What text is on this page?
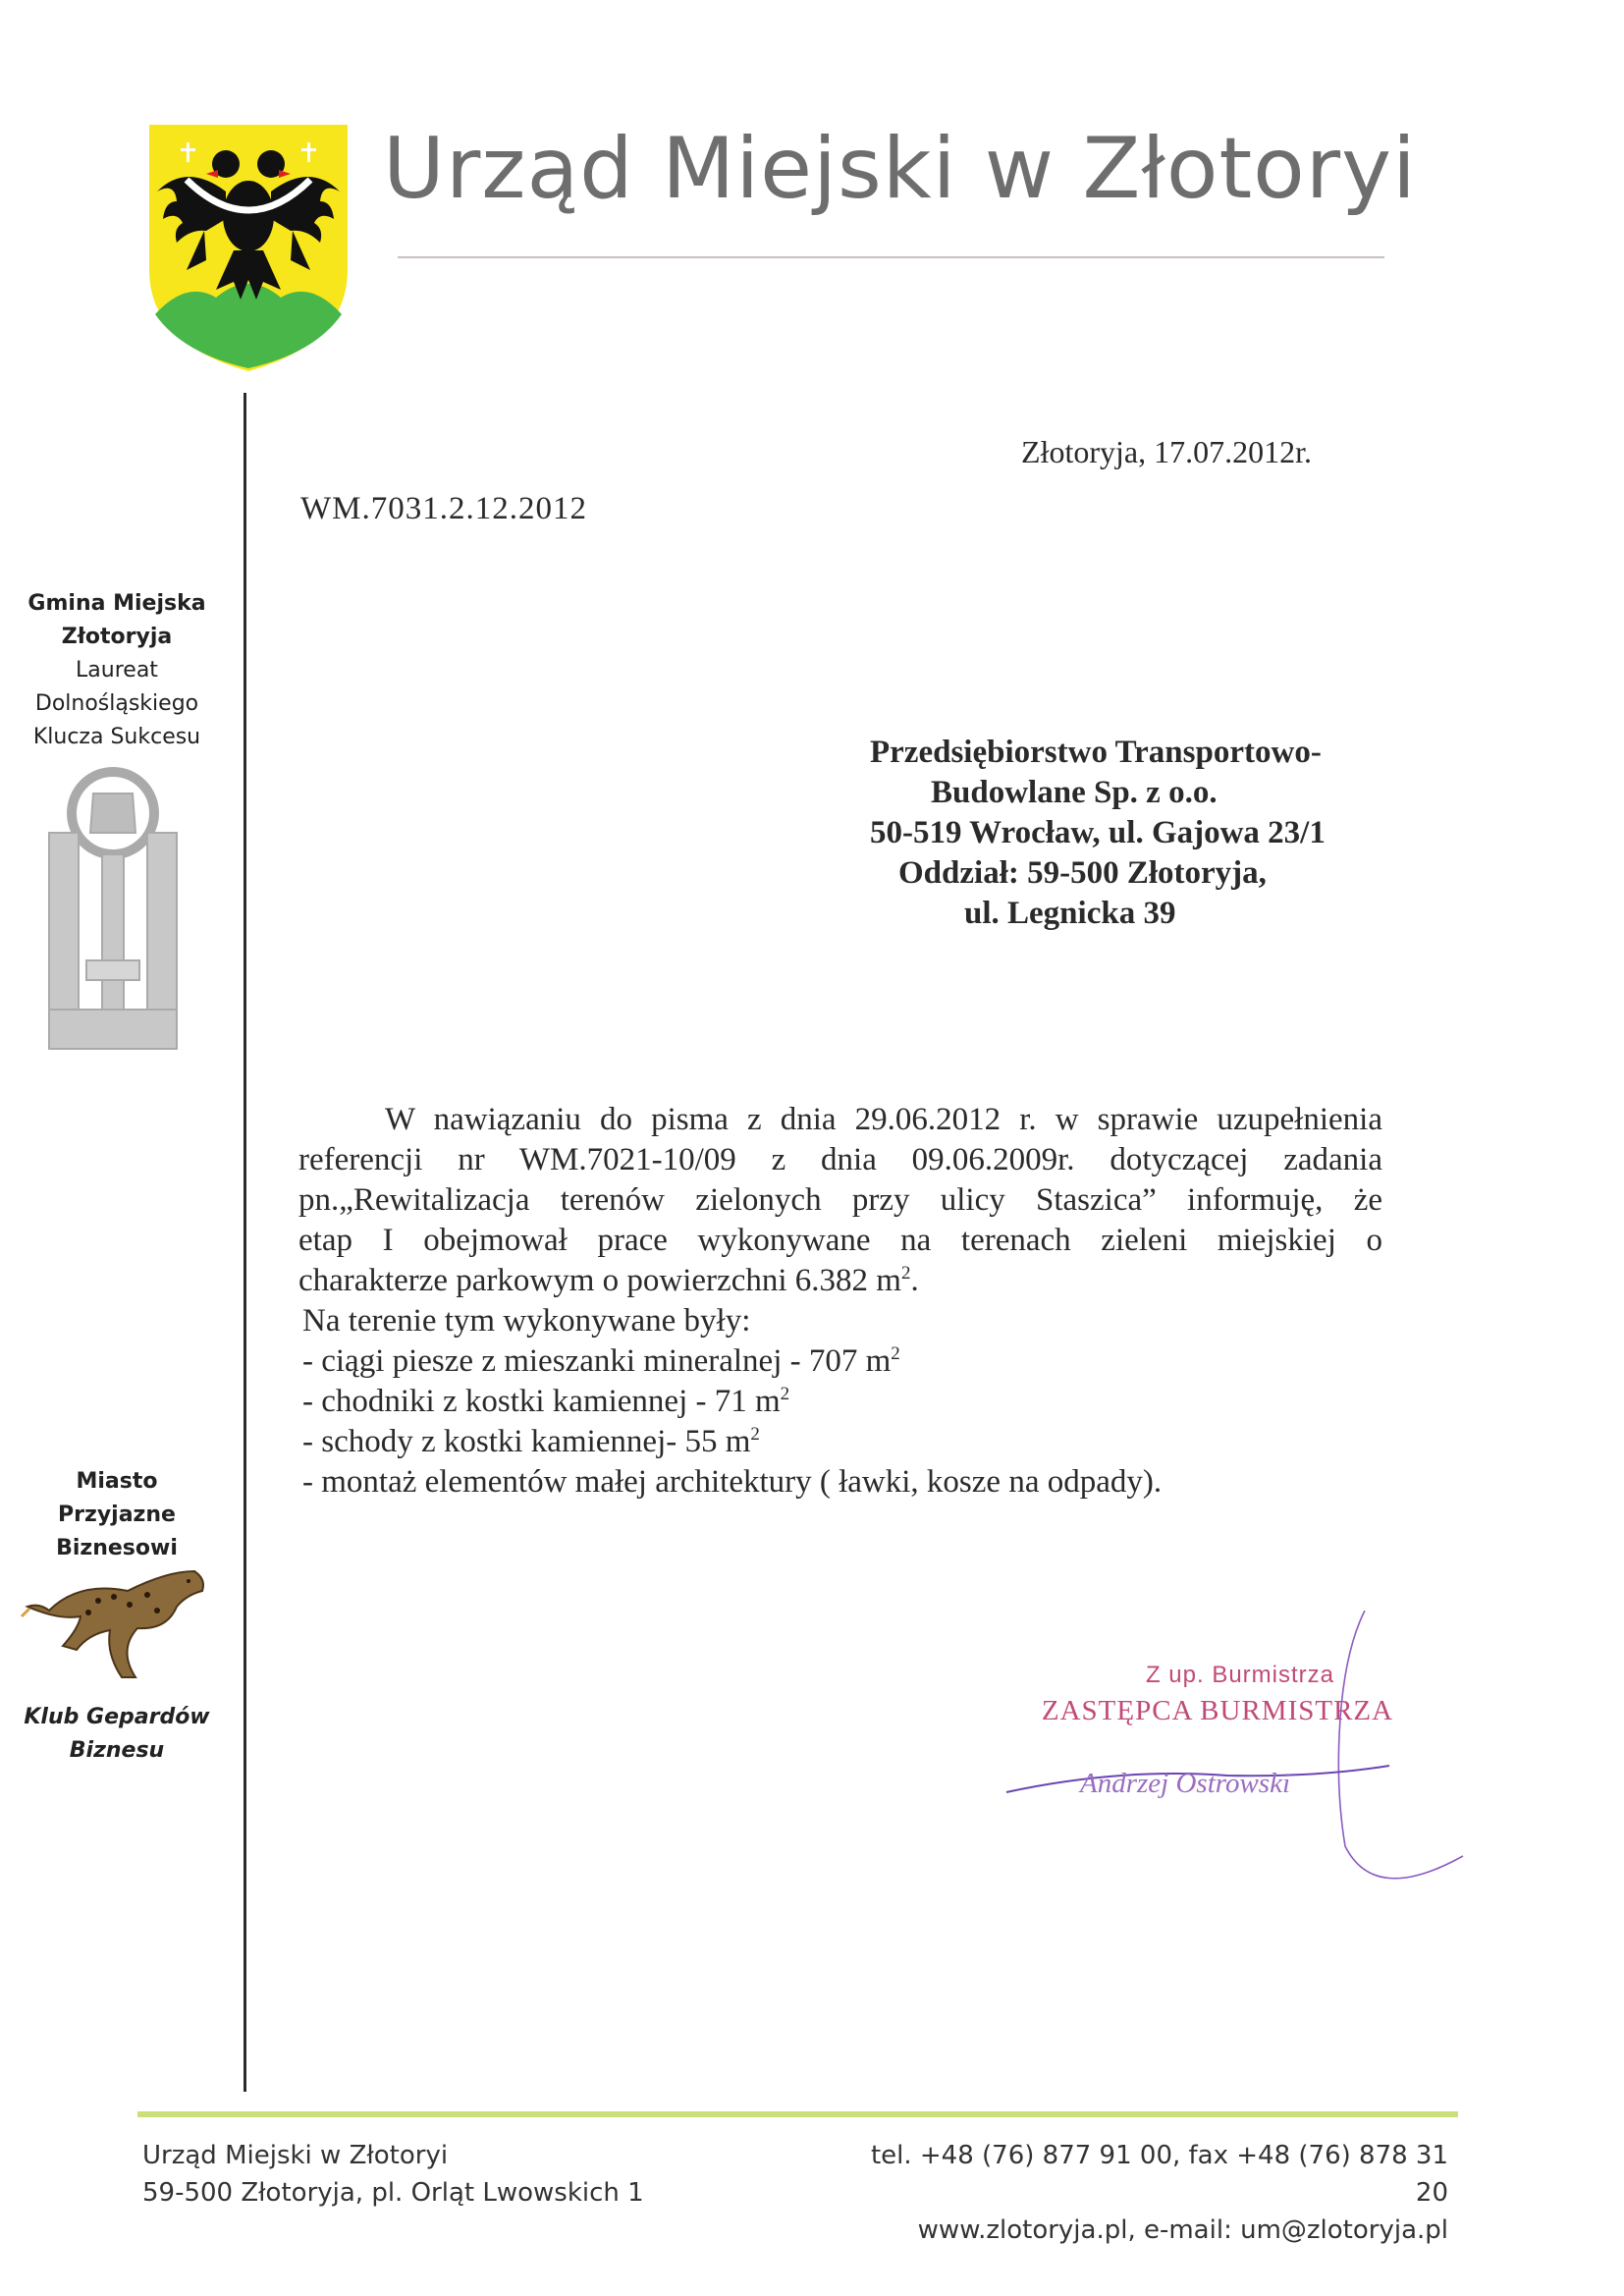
Urząd Miejski w Złotoryi
Gmina Miejska
Złotoryja
Laureat
Dolnośląskiego
Klucza Sukcesu
Miasto Przyjazne
Biznesowi
Klub Gepardów
Biznesu
Złotoryja, 17.07.2012r.
WM.7031.2.12.2012
Przedsiębiorstwo Transportowo-
Budowlane Sp. z o.o.
50-519 Wrocław, ul. Gajowa 23/1
Oddział: 59-500 Złotoryja,
ul. Legnicka 39
W nawiązaniu do pisma z dnia 29.06.2012 r. w sprawie uzupełnienia
referencji nr WM.7021-10/09 z dnia 09.06.2009r. dotyczącej zadania
pn.„Rewitalizacja terenów zielonych przy ulicy Staszica” informuję, że
etap I obejmował prace wykonywane na terenach zieleni miejskiej o
charakterze parkowym o powierzchni 6.382 $m^2$.
Na terenie tym wykonywane były:
- ciągi piesze z mieszanki mineralnej - 707 $m^2$
- chodniki z kostki kamiennej - 71 $m^2$
- schody z kostki kamiennej- 55 $m^2$
- montaż elementów małej architektury ( ławki, kosze na odpady).
Z up. Burmistrza
ZASTĘPCA BURMISTRZA
Andrzej Ostrowski
Urząd Miejski w Złotoryi
59-500 Złotoryja, pl. Orląt Lwowskich 1
tel. +48 (76) 877 91 00, fax +48 (76) 878 31 20
www.zlotoryja.pl, e-mail: um@zlotoryja.pl
